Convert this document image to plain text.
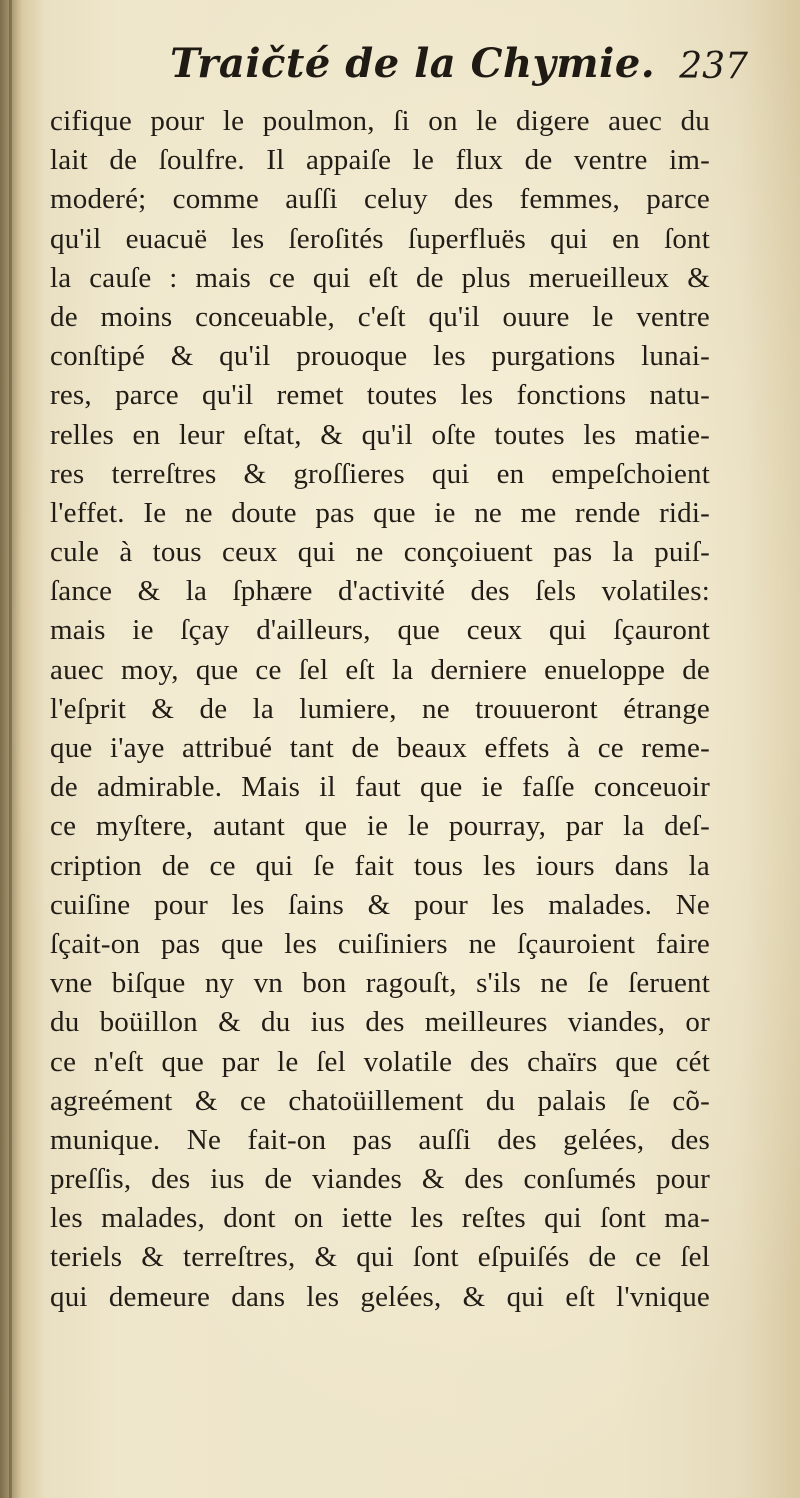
Traičté de la Chymie. 237
cifique pour le poulmon, ſi on le digere auec du
lait de ſoulfre. Il appaiſe le flux de ventre im-
moderé; comme auſſi celuy des femmes, parce
qu'il euacuë les ſeroſités ſuperfluës qui en ſont
la cauſe : mais ce qui eſt de plus merueilleux &
de moins conceuable, c'eſt qu'il ouure le ventre
conſtipé & qu'il prouoque les purgations lunai-
res, parce qu'il remet toutes les fonctions natu-
relles en leur eſtat, & qu'il oſte toutes les matie-
res terreſtres & groſſieres qui en empeſchoient
l'effet. Ie ne doute pas que ie ne me rende ridi-
cule à tous ceux qui ne conçoiuent pas la puiſ-
ſance & la ſphære d'activité des ſels volatiles:
mais ie ſçay d'ailleurs, que ceux qui ſçauront
auec moy, que ce ſel eſt la derniere enueloppe de
l'eſprit & de la lumiere, ne trouueront étrange
que i'aye attribué tant de beaux effets à ce reme-
de admirable. Mais il faut que ie faſſe conceuoir
ce myſtere, autant que ie le pourray, par la deſ-
cription de ce qui ſe fait tous les iours dans la
cuiſine pour les ſains & pour les malades. Ne
ſçait-on pas que les cuiſiniers ne ſçauroient faire
vne biſque ny vn bon ragouſt, s'ils ne ſe ſeruent
du boüillon & du ius des meilleures viandes, or
ce n'eſt que par le ſel volatile des chaïrs que cét
agreément & ce chatoüillement du palais ſe cõ-
munique. Ne fait-on pas auſſi des gelées, des
preſſis, des ius de viandes & des conſumés pour
les malades, dont on iette les reſtes qui ſont ma-
teriels & terreſtres, & qui ſont eſpuiſés de ce ſel
qui demeure dans les gelées, & qui eſt l'vnique
